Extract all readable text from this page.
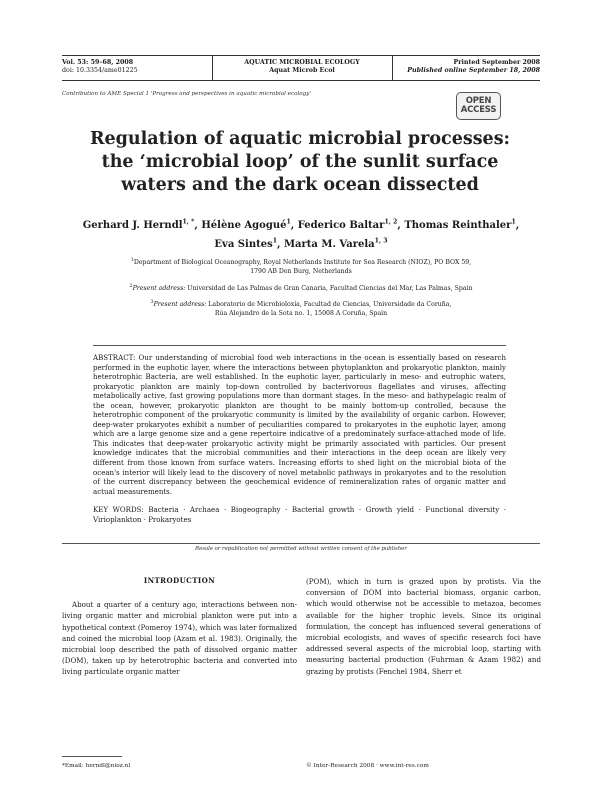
Vol. 53: 59–68, 2008
doi: 10.3354/ame01225
AQUATIC MICROBIAL ECOLOGY
Aquat Microb Ecol
Printed September 2008
Published online September 18, 2008
Contribution to AME Special 1 'Progress and perspectives in aquatic microbial ecology'
OPEN
ACCESS
Regulation of aquatic microbial processes: the ‘microbial loop’ of the sunlit surface waters and the dark ocean dissected
Gerhard J. Herndl$^{1, *}$, Hélène Agogué$^1$, Federico Baltar$^{1, 2}$, Thomas Reinthaler$^1$,
Eva Sintes$^1$, Marta M. Varela$^{1, 3}$
$^1$Department of Biological Oceanography, Royal Netherlands Institute for Sea Research (NIOZ), PO BOX 59,
1790 AB Den Burg, Netherlands
$^2$Present address: Universidad de Las Palmas de Gran Canaria, Facultad Ciencias del Mar, Las Palmas, Spain
$^3$Present address: Laboratorio de Microbioloxía, Facultad de Ciencias, Universidade da Coruña,
Rúa Alejandro de la Sota no. 1, 15008 A Coruña, Spain

ABSTRACT: Our understanding of microbial food web interactions in the ocean is essentially based on research performed in the euphotic layer, where the interactions between phytoplankton and prokaryotic plankton, mainly heterotrophic Bacteria, are well established. In the euphotic layer, particularly in meso- and eutrophic waters, prokaryotic plankton are mainly top-down controlled by bacterivorous flagellates and viruses, affecting metabolically active, fast growing populations more than dormant stages. In the meso- and bathypelagic realm of the ocean, however, prokaryotic plankton are thought to be mainly bottom-up controlled, because the heterotrophic component of the prokaryotic community is limited by the availability of organic carbon. However, deep-water prokaryotes exhibit a number of peculiarities compared to prokaryotes in the euphotic layer, among which are a large genome size and a gene repertoire indicative of a predominately surface-attached mode of life. This indicates that deep-water prokaryotic activity might be primarily associated with particles. Our present knowledge indicates that the microbial communities and their interactions in the deep ocean are likely very different from those known from surface waters. Increasing efforts to shed light on the microbial biota of the ocean's interior will likely lead to the discovery of novel metabolic pathways in prokaryotes and to the resolution of the current discrepancy between the geochemical evidence of remineralization rates of organic matter and actual measurements.

KEY WORDS: Bacteria · Archaea · Biogeography · Bacterial growth · Growth yield · Functional diversity · Virioplankton · Prokaryotes

Resale or republication not permitted without written consent of the publisher
INTRODUCTION

About a quarter of a century ago, interactions between non-living organic matter and microbial plankton were put into a hypothetical context (Pomeroy 1974), which was later formalized and coined the microbial loop (Azam et al. 1983). Originally, the microbial loop described the path of dissolved organic matter (DOM), taken up by heterotrophic bacteria and converted into living particulate organic matter

(POM), which in turn is grazed upon by protists. Via the conversion of DOM into bacterial biomass, organic carbon, which would otherwise not be accessible to metazoa, becomes available for the higher trophic levels. Since its original formulation, the concept has influenced several generations of microbial ecologists, and waves of specific research foci have addressed several aspects of the microbial loop, starting with measuring bacterial production (Fuhrman & Azam 1982) and grazing by protists (Fenchel 1984, Sherr et

*Email: herndl@nioz.nl	© Inter-Research 2008 · www.int-res.com
